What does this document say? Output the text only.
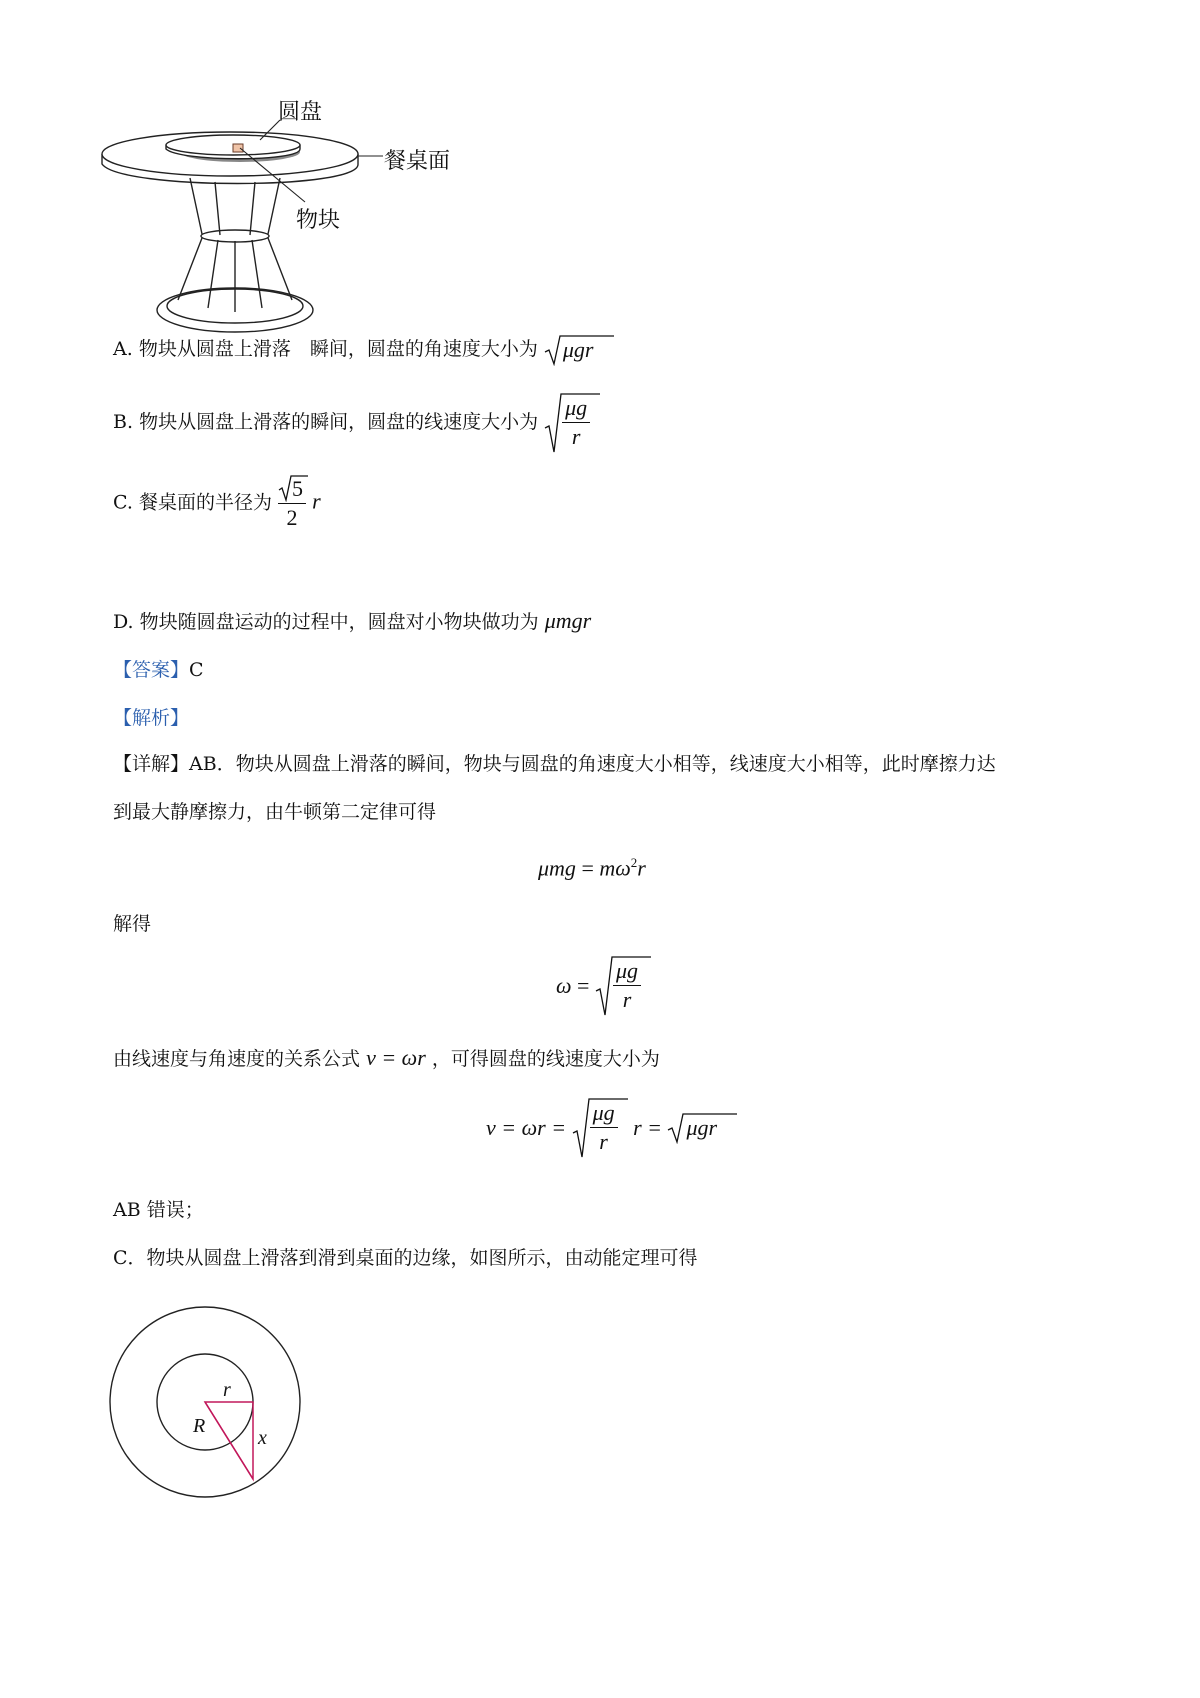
圆盘
餐桌面
物块
A. 物块从圆盘上滑落　瞬间，圆盘的角速度大小为 μgr
B. 物块从圆盘上滑落的瞬间，圆盘的线速度大小为 $\frac{\mu g}{r}$
C. 餐桌面的半径为 $\frac{5}{2}$ r
D. 物块随圆盘运动的过程中，圆盘对小物块做功为 μmgr
【答案】C
【解析】
【详解】AB．物块从圆盘上滑落的瞬间，物块与圆盘的角速度大小相等，线速度大小相等，此时摩擦力达
到最大静摩擦力，由牛顿第二定律可得
$\mu mg = m\omega^2r$
解得
$\omega = \frac{\mu g}{r}$
由线速度与角速度的关系公式 v = ωr ，可得圆盘的线速度大小为
$v = \omega r = \frac{\mu g}{r}$ r = μgr
AB 错误；
C．物块从圆盘上滑落到滑到桌面的边缘，如图所示，由动能定理可得
r
R
x
